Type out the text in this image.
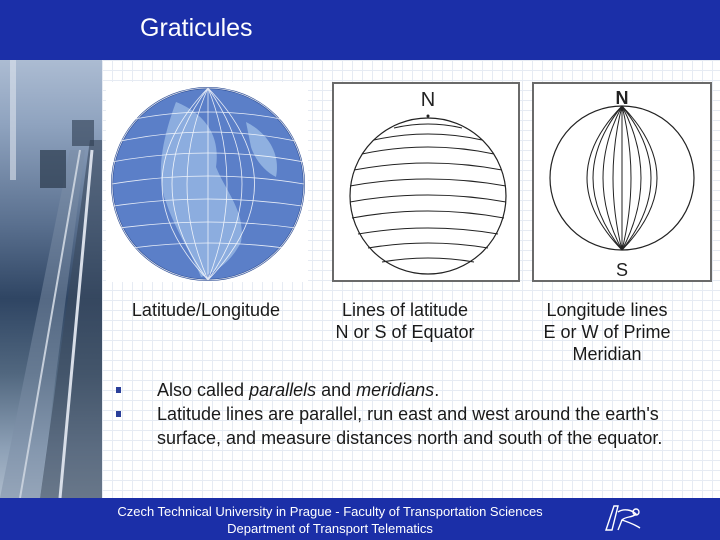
Graticules
N	N
S
Latitude/Longitude	Lines of latitude
N or S of Equator
Longitude lines
E or W of Prime
Meridian
Also called parallels and meridians.
Latitude lines are parallel, run east and west around the earth's surface, and measure distances north and south of the equator.
Czech Technical University in Prague - Faculty of Transportation Sciences
Department of Transport Telematics
